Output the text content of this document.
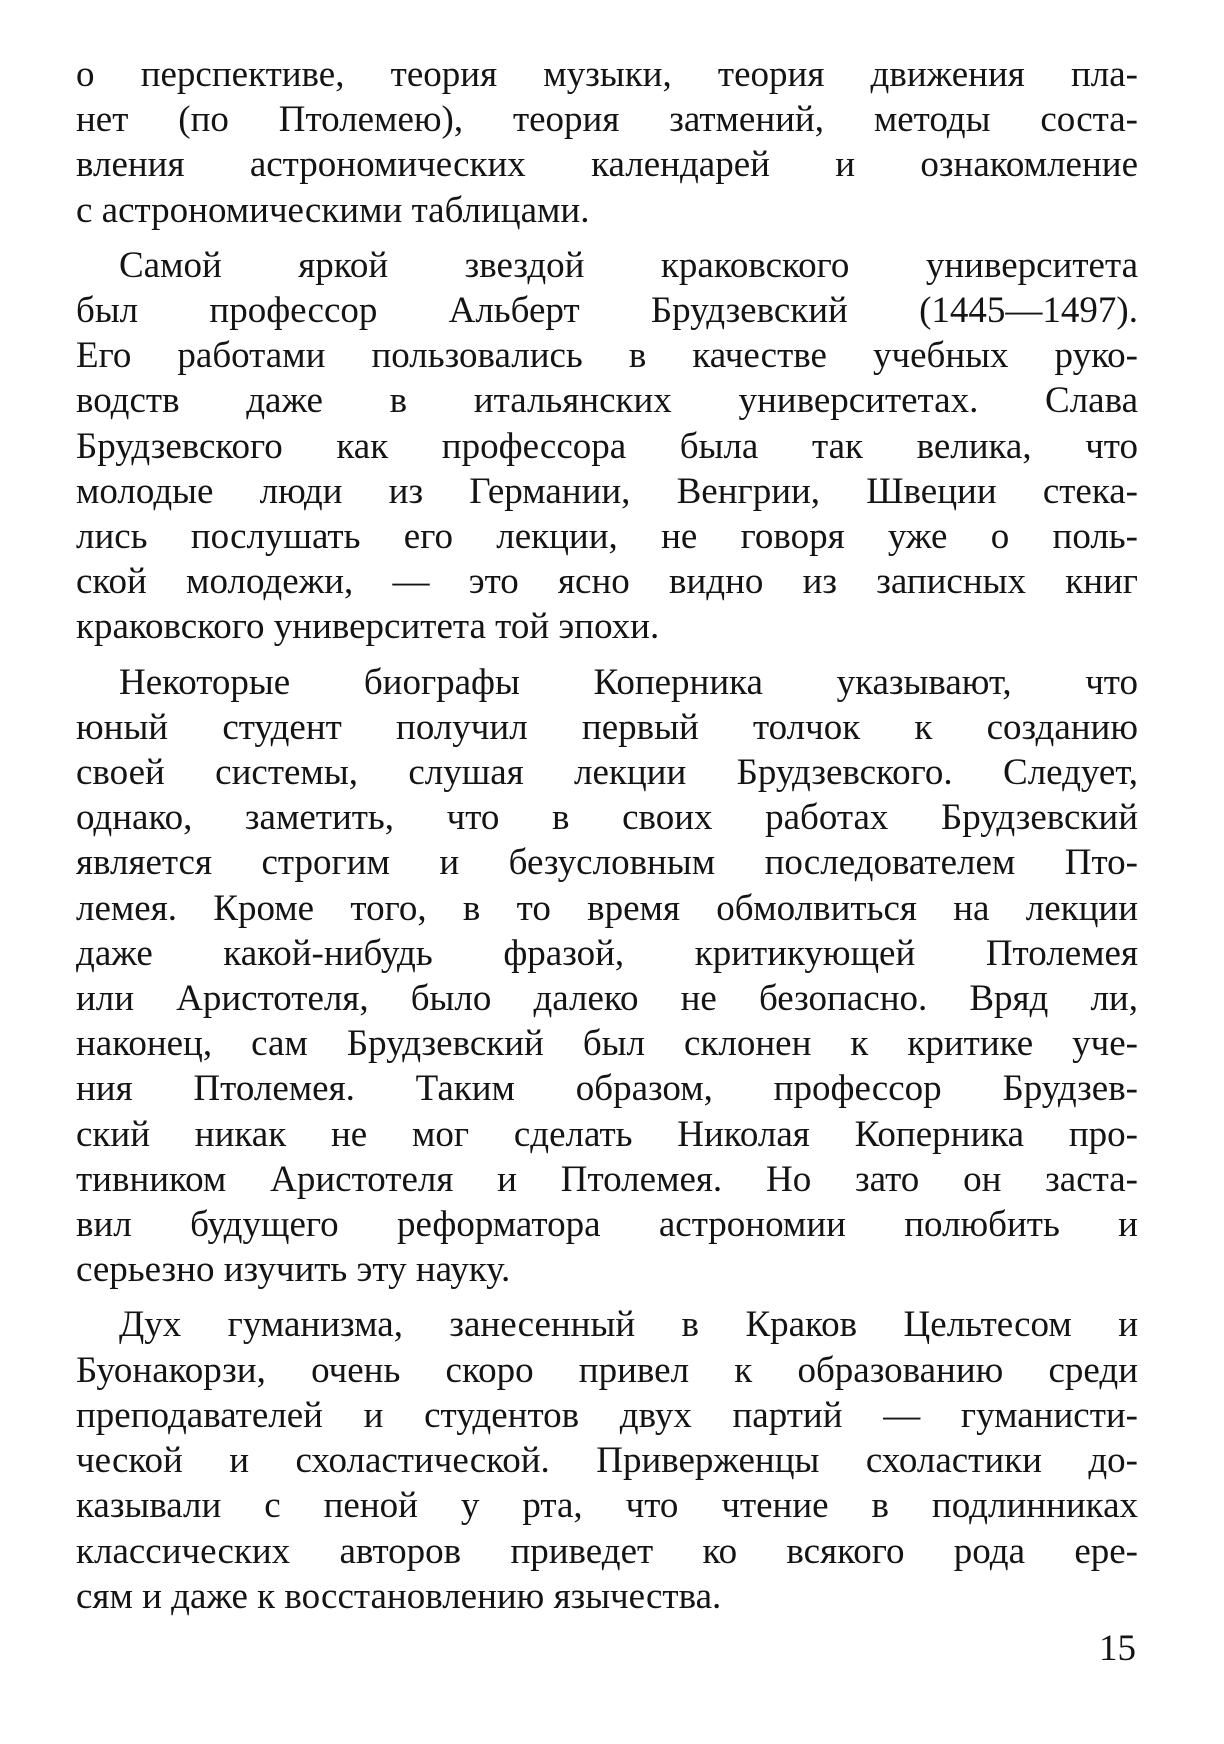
о перспективе, теория музыки, теория движения пла-
нет (по Птолемею), теория затмений, методы соста-
вления астрономических календарей и ознакомление
с астрономическими таблицами.

Самой яркой звездой краковского университета
был профессор Альберт Брудзевский (1445—1497).
Его работами пользовались в качестве учебных руко-
водств даже в итальянских университетах. Слава
Брудзевского как профессора была так велика, что
молодые люди из Германии, Венгрии, Швеции стека-
лись послушать его лекции, не говоря уже о поль-
ской молодежи, — это ясно видно из записных книг
краковского университета той эпохи.

Некоторые биографы Коперника указывают, что
юный студент получил первый толчок к созданию
своей системы, слушая лекции Брудзевского. Следует,
однако, заметить, что в своих работах Брудзевский
является строгим и безусловным последователем Пто-
лемея. Кроме того, в то время обмолвиться на лекции
даже какой-нибудь фразой, критикующей Птолемея
или Аристотеля, было далеко не безопасно. Вряд ли,
наконец, сам Брудзевский был склонен к критике уче-
ния Птолемея. Таким образом, профессор Брудзев-
ский никак не мог сделать Николая Коперника про-
тивником Аристотеля и Птолемея. Но зато он заста-
вил будущего реформатора астрономии полюбить и
серьезно изучить эту науку.

Дух гуманизма, занесенный в Краков Цельтесом и
Буонакорзи, очень скоро привел к образованию среди
преподавателей и студентов двух партий — гуманисти-
ческой и схоластической. Приверженцы схоластики до-
казывали с пеной у рта, что чтение в подлинниках
классических авторов приведет ко всякого рода ере-
сям и даже к восстановлению язычества.

15
